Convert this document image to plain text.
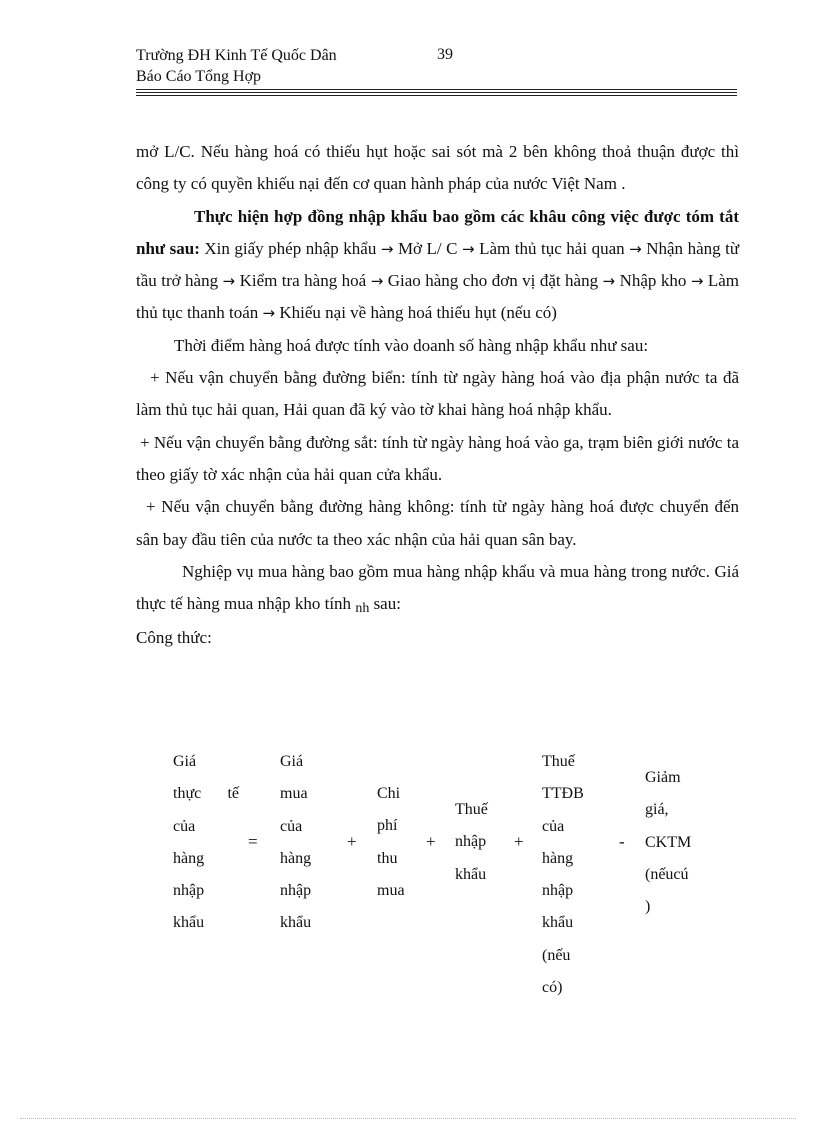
Trường ĐH Kinh Tế Quốc Dân	39
Báo Cáo Tổng Hợp

mở L/C. Nếu hàng hoá có thiếu hụt hoặc sai sót mà 2 bên không thoả thuận được thì công ty có quyền khiếu nại đến cơ quan hành pháp của nước Việt Nam .

Thực hiện hợp đồng nhập khẩu bao gồm các khâu công việc được tóm tắt như sau: Xin giấy phép nhập khẩu → Mở L/ C → Làm thủ tục hải quan → Nhận hàng từ tầu trở hàng → Kiểm tra hàng hoá → Giao hàng cho đơn vị đặt hàng → Nhập kho → Làm thủ tục thanh toán → Khiếu nại về hàng hoá thiếu hụt (nếu có)

Thời điểm hàng hoá được tính vào doanh số hàng nhập khẩu như sau:

+ Nếu vận chuyển bằng đường biển: tính từ ngày hàng hoá vào địa phận nước ta đã làm thủ tục hải quan, Hải quan đã ký vào tờ khai hàng hoá nhập khẩu.

+ Nếu vận chuyển bằng đường sắt: tính từ ngày hàng hoá vào ga, trạm biên giới nước ta theo giấy tờ xác nhận của hải quan cửa khẩu.

+ Nếu vận chuyển bằng đường hàng không: tính từ ngày hàng hoá được chuyển đến sân bay đầu tiên của nước ta theo xác nhận của hải quan sân bay.

Nghiệp vụ mua hàng bao gồm mua hàng nhập khẩu và mua hàng trong nước. Giá thực tế hàng mua nhập kho tính nh sau:

Công thức:

Giá
thực tế
của
hàng
nhập
khẩu
=
Giá
mua
của
hàng
nhập
khẩu
+
Chi
phí
thu
mua
+
Thuế
nhập
khẩu
+
Thuế
TTĐB
của
hàng
nhập
khẩu
(nếu
có)
-
Giảm
giá,
CKTM
(nếucú
)
